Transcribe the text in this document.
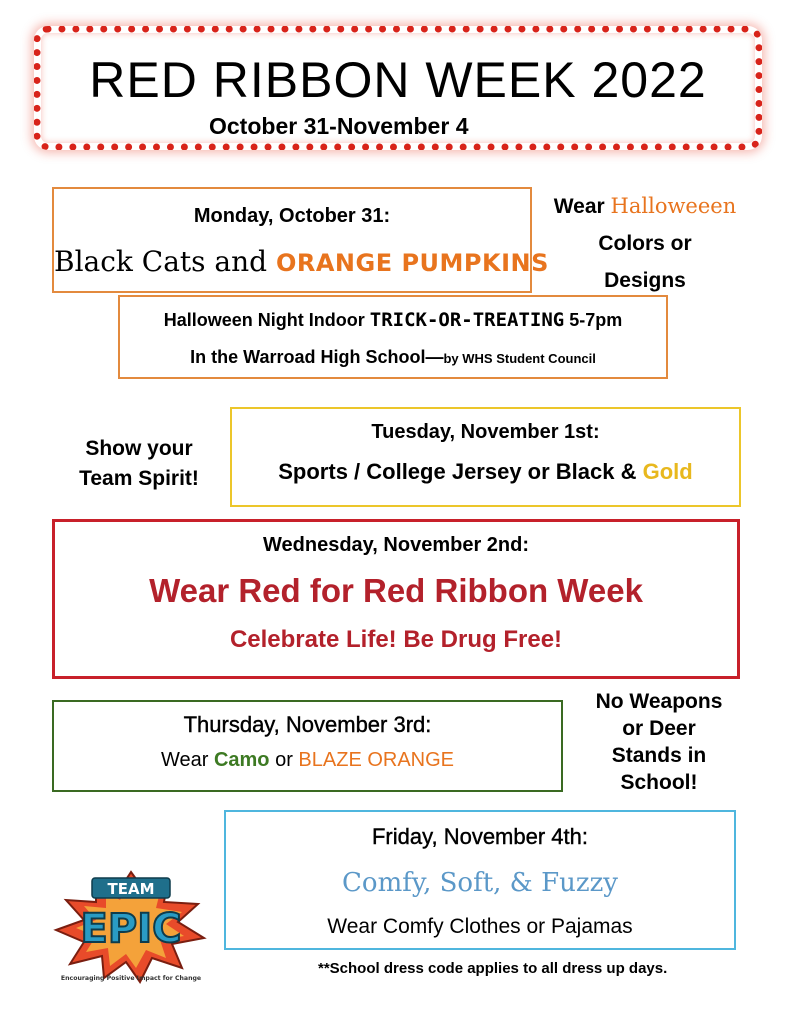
RED RIBBON WEEK 2022
October 31-November 4
Monday, October 31:
Black Cats and ORANGE PUMPKINS
Wear Halloweeen
Colors or
Designs
Halloween Night Indoor TRICK-OR-TREATING 5-7pm
In the Warroad High School—by WHS Student Council
Show your
Team Spirit!
Tuesday, November 1st:
Sports / College Jersey or Black & Gold
Wednesday, November 2nd:
Wear Red for Red Ribbon Week
Celebrate Life! Be Drug Free!
Thursday, November 3rd:
Wear Camo or BLAZE ORANGE
No Weapons
or Deer
Stands in
School!
Friday, November 4th:
Comfy, Soft, & Fuzzy
Wear Comfy Clothes or Pajamas
TEAM
EPIC
Encouraging Positive Impact for Change
**School dress code applies to all dress up days.
